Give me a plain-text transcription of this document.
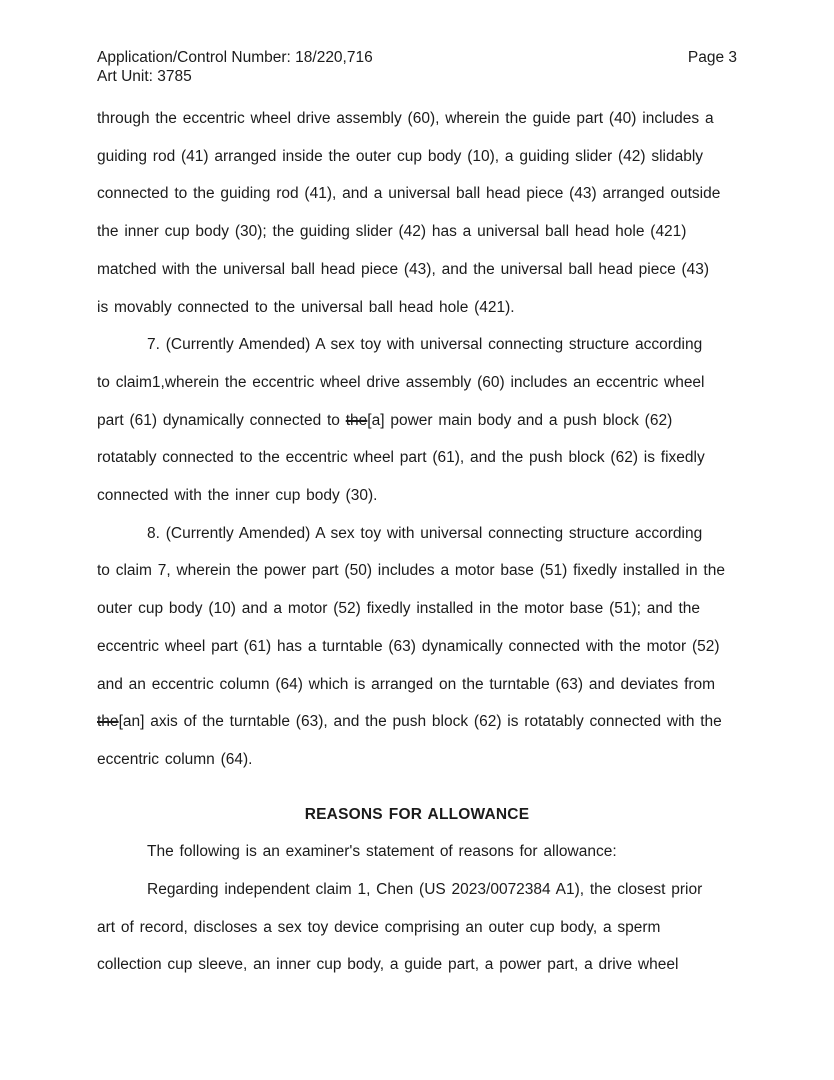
Application/Control Number: 18/220,716	Page 3
Art Unit: 3785
through the eccentric wheel drive assembly (60), wherein the guide part (40) includes a
guiding rod (41) arranged inside the outer cup body (10), a guiding slider (42) slidably
connected to the guiding rod (41), and a universal ball head piece (43) arranged outside
the inner cup body (30); the guiding slider (42) has a universal ball head hole (421)
matched with the universal ball head piece (43), and the universal ball head piece (43)
is movably connected to the universal ball head hole (421).
7. (Currently Amended) A sex toy with universal connecting structure according
to claim1,wherein the eccentric wheel drive assembly (60) includes an eccentric wheel
part (61) dynamically connected to the[a] power main body and a push block (62)
rotatably connected to the eccentric wheel part (61), and the push block (62) is fixedly
connected with the inner cup body (30).
8. (Currently Amended) A sex toy with universal connecting structure according
to claim 7, wherein the power part (50) includes a motor base (51) fixedly installed in the
outer cup body (10) and a motor (52) fixedly installed in the motor base (51); and the
eccentric wheel part (61) has a turntable (63) dynamically connected with the motor (52)
and an eccentric column (64) which is arranged on the turntable (63) and deviates from
the[an] axis of the turntable (63), and the push block (62) is rotatably connected with the
eccentric column (64).
REASONS FOR ALLOWANCE
The following is an examiner's statement of reasons for allowance:
Regarding independent claim 1, Chen (US 2023/0072384 A1), the closest prior
art of record, discloses a sex toy device comprising an outer cup body, a sperm
collection cup sleeve, an inner cup body, a guide part, a power part, a drive wheel
